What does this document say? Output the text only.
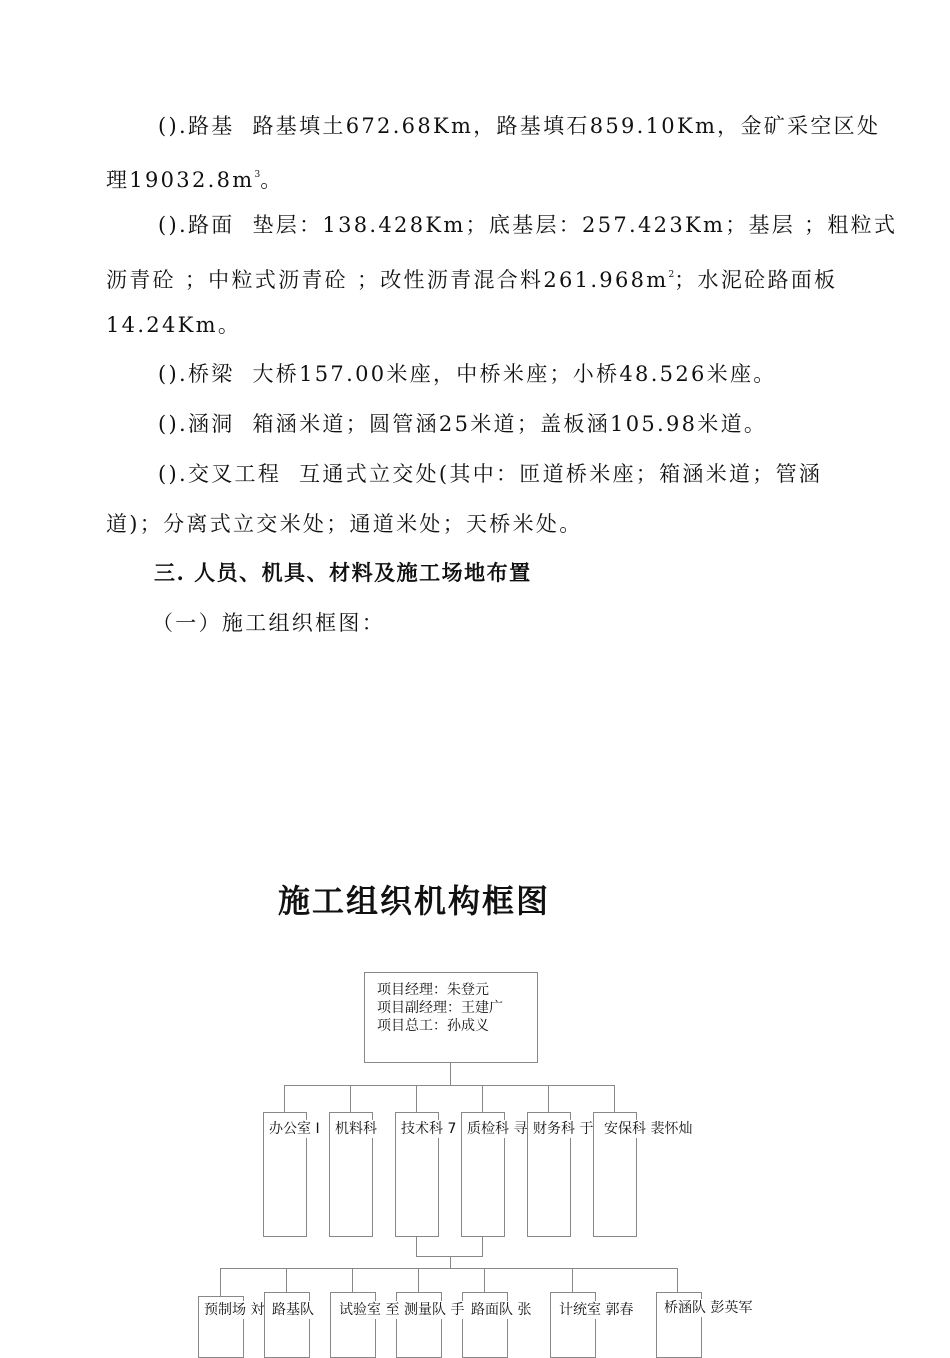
().路基  路基填土672.68Km，路基填石859.10Km，金矿采空区处
理$19032.8m^3$。
().路面  垫层：138.428Km；底基层：257.423Km；基层 ；粗粒式
沥青砼 ；中粒式沥青砼 ；改性沥青混合料$261.968m^2$；水泥砼路面板
14.24Km。
().桥梁  大桥157.00米座，中桥米座；小桥48.526米座。
().涵洞  箱涵米道；圆管涵25米道；盖板涵105.98米道。
().交叉工程  互通式立交处(其中：匝道桥米座；箱涵米道；管涵
道)；分离式立交米处；通道米处；天桥米处。
三. 人员、机具、材料及施工场地布置
（一）施工组织框图：
施工组织机构框图
项目经理：朱登元
项目副经理：王建广
项目总工：孙成义
办公室 I 机料科 技术科 7 质检科 寻 财务科 于 安保科 裴怀灿
预制场 対 路基队 试验室 至 测量队 手 路面队 张 计统室 郭春 桥涵队 彭英军
